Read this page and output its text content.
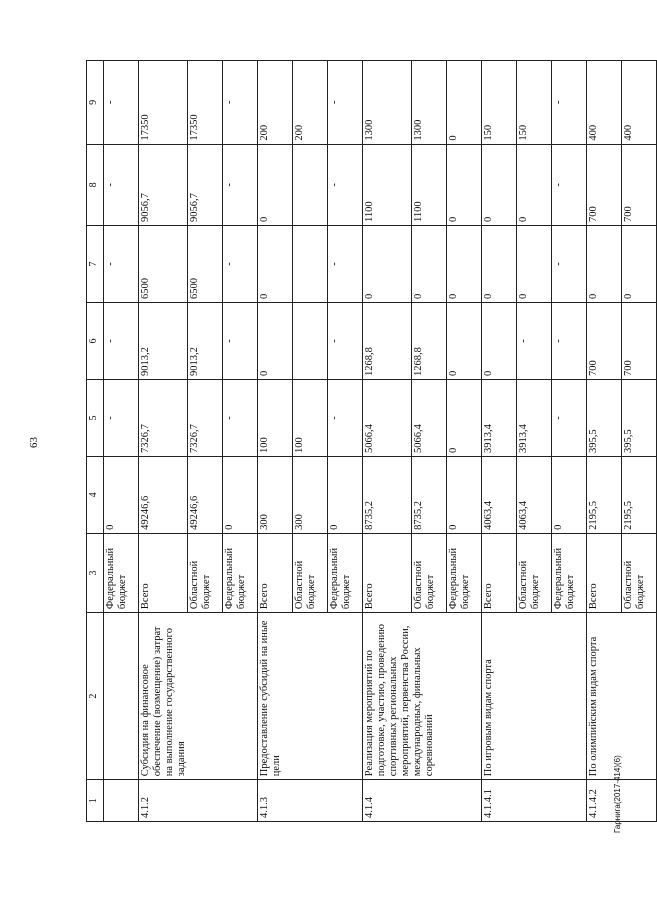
63
Гарнига(2017-414)(6)
1	2	3	4	5	6	7	8	9
		Федеральный бюджет	0	-	-	-	-	-
4.1.2	Субсидия на финансовое обеспечение (возмещение) затрат на выполнение государственного задания	Всего	49246,6	7326,7	9013,2	6500	9056,7	17350
		Областной бюджет	49246,6	7326,7	9013,2	6500	9056,7	17350
		Федеральный бюджет	0	-	-	-	-	-
4.1.3	Предоставление субсидий на иные цели	Всего	300	100	0	0	0	200
		Областной бюджет	300	100				200
		Федеральный бюджет	0	-	-	-	-	-
4.1.4	Реализация мероприятий по подготовке, участию, проведению спортивных региональных мероприятий, первенства России, международных, финальных соревнований	Всего	8735,2	5066,4	1268,8	0	1100	1300
		Областной бюджет	8735,2	5066,4	1268,8	0	1100	1300
		Федеральный бюджет	0	0	0	0	0	0
4.1.4.1	По игровым видам спорта	Всего	4063,4	3913,4	0	0	0	150
		Областной бюджет	4063,4	3913,4	-	0	0	150
		Федеральный бюджет	0	-	-	-	-	-
4.1.4.2	По олимпийским видам спорта	Всего	2195,5	395,5	700	0	700	400
		Областной бюджет	2195,5	395,5	700	0	700	400
